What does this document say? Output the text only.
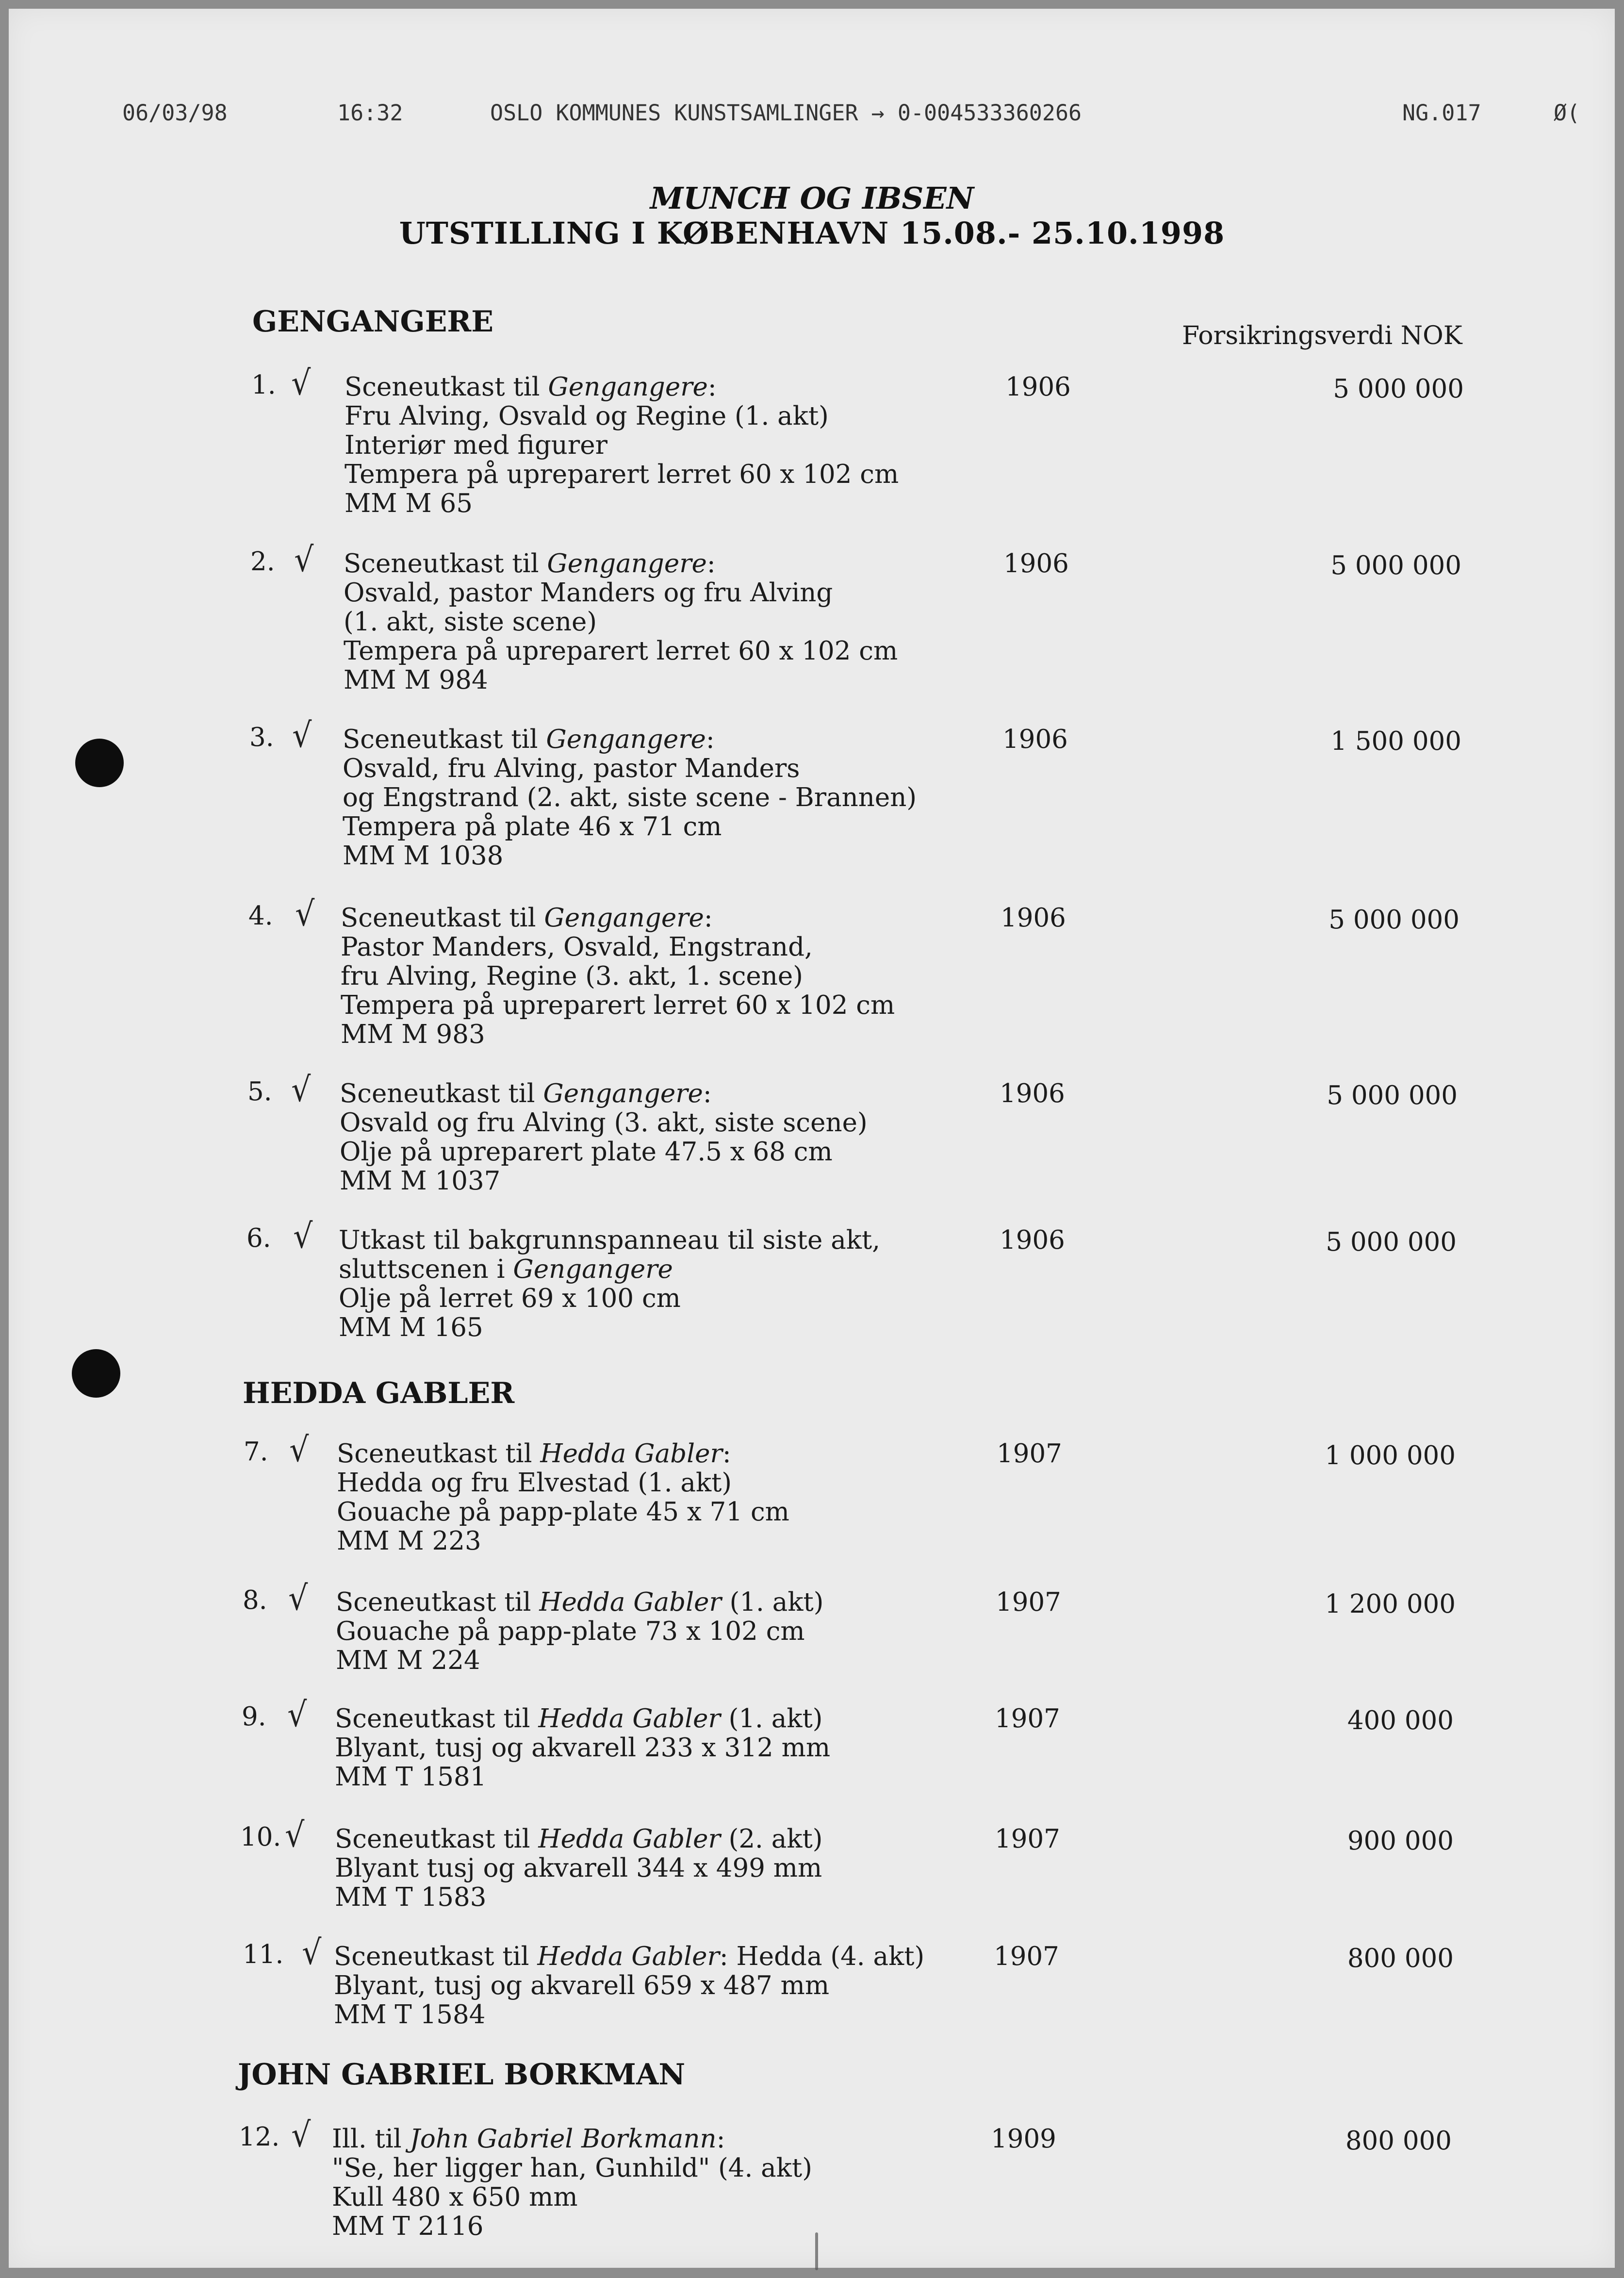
06/03/98	16:32	OSLO KOMMUNES KUNSTSAMLINGER → 0-004533360266	NG.017	Ø(
MUNCH OG IBSEN
UTSTILLING I KØBENHAVN 15.08.- 25.10.1998
Forsikringsverdi NOK
GENGANGERE
1. √ Sceneutkast til Gengangere:
Fru Alving, Osvald og Regine (1. akt)
Interiør med figurer
Tempera på upreparert lerret 60 x 102 cm
MM M 65
1906	5 000 000
2. √ Sceneutkast til Gengangere:
Osvald, pastor Manders og fru Alving
(1. akt, siste scene)
Tempera på upreparert lerret 60 x 102 cm
MM M 984
1906	5 000 000
3. √ Sceneutkast til Gengangere:
Osvald, fru Alving, pastor Manders
og Engstrand (2. akt, siste scene - Brannen)
Tempera på plate 46 x 71 cm
MM M 1038
1906	1 500 000
4. √ Sceneutkast til Gengangere:
Pastor Manders, Osvald, Engstrand,
fru Alving, Regine (3. akt, 1. scene)
Tempera på upreparert lerret 60 x 102 cm
MM M 983
1906	5 000 000
5. √ Sceneutkast til Gengangere:
Osvald og fru Alving (3. akt, siste scene)
Olje på upreparert plate 47.5 x 68 cm
MM M 1037
1906	5 000 000
6. √ Utkast til bakgrunnspanneau til siste akt,
sluttscenen i Gengangere
Olje på lerret 69 x 100 cm
MM M 165
1906	5 000 000
HEDDA GABLER
7. √ Sceneutkast til Hedda Gabler:
Hedda og fru Elvestad (1. akt)
Gouache på papp-plate 45 x 71 cm
MM M 223
1907	1 000 000
8. √ Sceneutkast til Hedda Gabler (1. akt)
Gouache på papp-plate 73 x 102 cm
MM M 224
1907	1 200 000
9. √ Sceneutkast til Hedda Gabler (1. akt)
Blyant, tusj og akvarell 233 x 312 mm
MM T 1581
1907	400 000
10. √ Sceneutkast til Hedda Gabler (2. akt)
Blyant tusj og akvarell 344 x 499 mm
MM T 1583
1907	900 000
11. √ Sceneutkast til Hedda Gabler: Hedda (4. akt)
Blyant, tusj og akvarell 659 x 487 mm
MM T 1584
1907	800 000
JOHN GABRIEL BORKMAN
12. √ Ill. til John Gabriel Borkmann:
"Se, her ligger han, Gunhild" (4. akt)
Kull 480 x 650 mm
MM T 2116
1909	800 000
